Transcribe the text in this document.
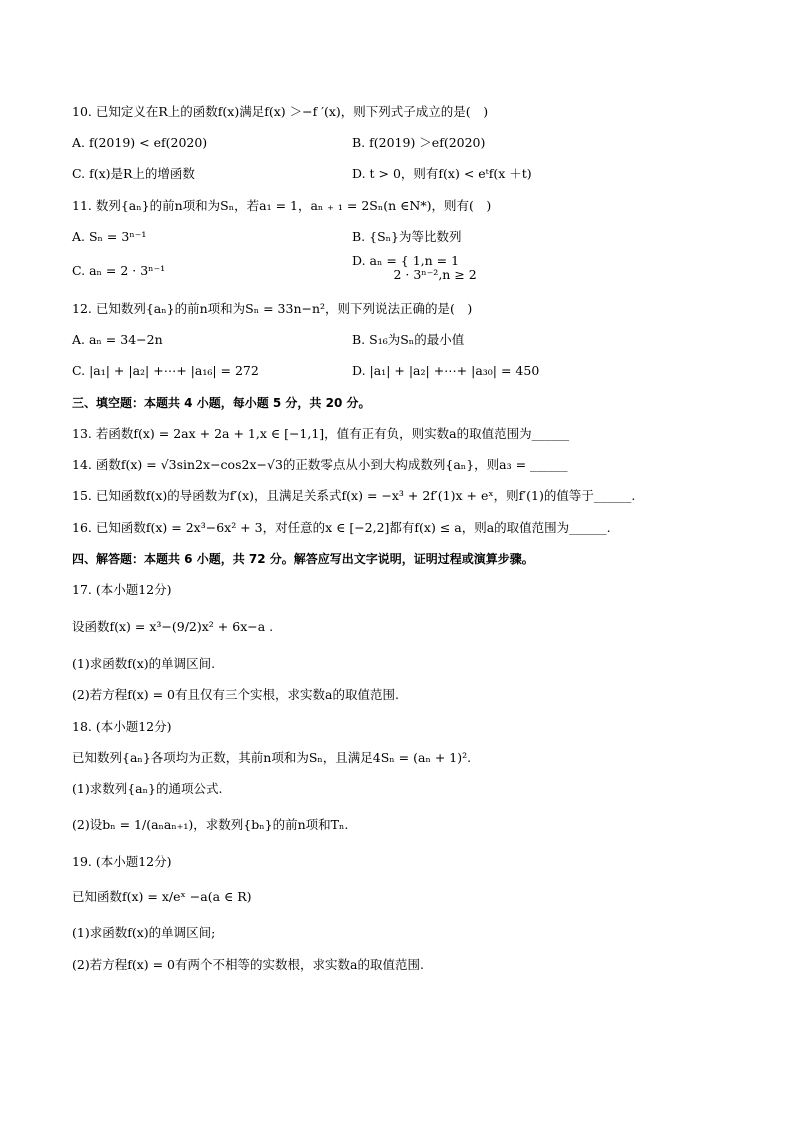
10. 已知定义在R上的函数f(x)满足f(x) ＞−f ′(x)，则下列式子成立的是(　)
A. f(2019) < ef(2020)	B. f(2019) ＞ef(2020)
C. f(x)是R上的增函数	D. t > 0，则有f(x) < eᵗf(x ＋t)
11. 数列{aₙ}的前n项和为Sₙ，若a₁ = 1，aₙ ₊ ₁ = 2Sₙ(n ∈N*)，则有(　)
A. Sₙ = 3ⁿ⁻¹	B. {Sₙ}为等比数列
C. aₙ = 2 · 3ⁿ⁻¹
D. aₙ = { 1,n = 1
　　　 2 · 3ⁿ⁻²,n ≥ 2
12. 已知数列{aₙ}的前n项和为Sₙ = 33n−n²，则下列说法正确的是(　)
A. aₙ = 34−2n	B. S₁₆为Sₙ的最小值
C. |a₁| + |a₂| +⋯+ |a₁₆| = 272	D. |a₁| + |a₂| +⋯+ |a₃₀| = 450
三、填空题：本题共 4 小题，每小题 5 分，共 20 分。
13. 若函数f(x) = 2ax + 2a + 1,x ∈ [−1,1]，值有正有负，则实数a的取值范围为______
14. 函数f(x) = √3sin2x−cos2x−√3的正数零点从小到大构成数列{aₙ}，则a₃ = ______
15. 已知函数f(x)的导函数为f′(x)，且满足关系式f(x) = −x³ + 2f′(1)x + eˣ，则f′(1)的值等于______.
16. 已知函数f(x) = 2x³−6x² + 3，对任意的x ∈ [−2,2]都有f(x) ≤ a，则a的取值范围为______.
四、解答题：本题共 6 小题，共 72 分。解答应写出文字说明，证明过程或演算步骤。
17. (本小题12分)
设函数f(x) = x³−(9/2)x² + 6x−a .
(1)求函数f(x)的单调区间.
(2)若方程f(x) = 0有且仅有三个实根，求实数a的取值范围.
18. (本小题12分)
已知数列{aₙ}各项均为正数，其前n项和为Sₙ，且满足4Sₙ = (aₙ + 1)².
(1)求数列{aₙ}的通项公式.
(2)设bₙ = 1/(aₙaₙ₊₁)，求数列{bₙ}的前n项和Tₙ.
19. (本小题12分)
已知函数f(x) = x/eˣ −a(a ∈ R)
(1)求函数f(x)的单调区间;
(2)若方程f(x) = 0有两个不相等的实数根，求实数a的取值范围.
